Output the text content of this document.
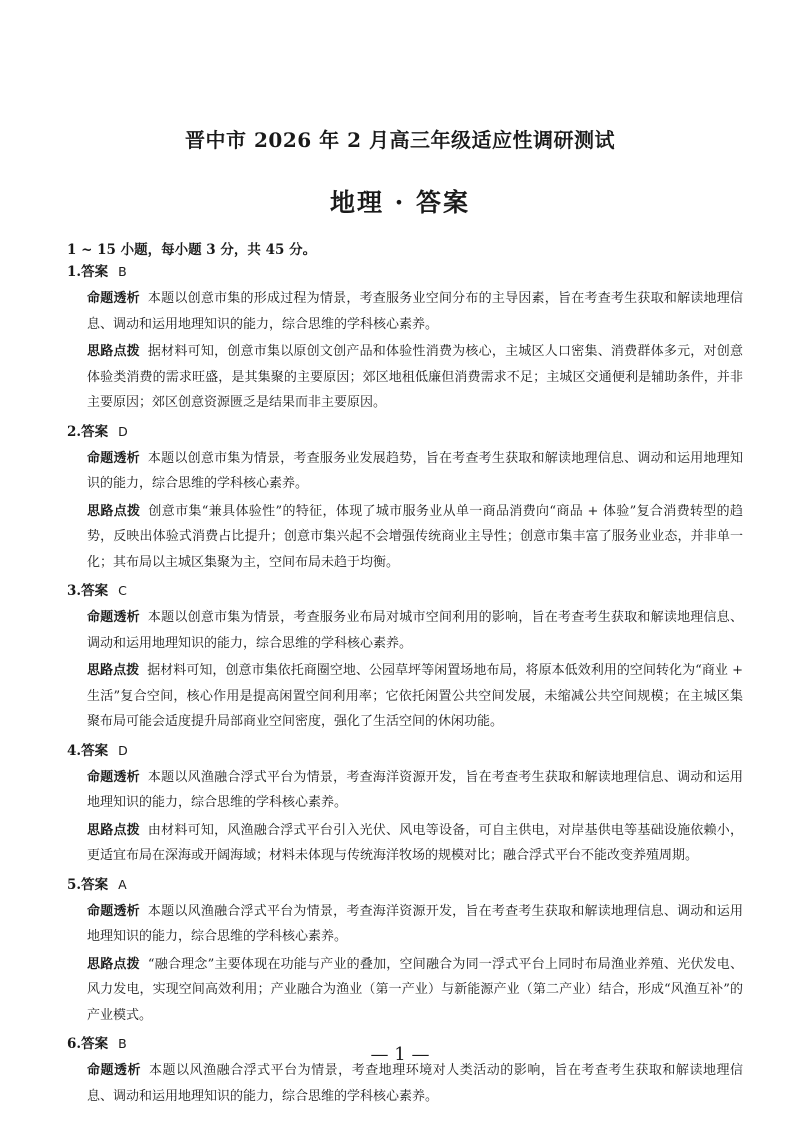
晋中市 2026 年 2 月高三年级适应性调研测试
地理 · 答案
1 ~ 15 小题，每小题 3 分，共 45 分。
1.答案 B
命题透析 本题以创意市集的形成过程为情景，考查服务业空间分布的主导因素，旨在考查考生获取和解读地理信息、调动和运用地理知识的能力，综合思维的学科核心素养。
思路点拨 据材料可知，创意市集以原创文创产品和体验性消费为核心，主城区人口密集、消费群体多元，对创意体验类消费的需求旺盛，是其集聚的主要原因；郊区地租低廉但消费需求不足；主城区交通便利是辅助条件，并非主要原因；郊区创意资源匮乏是结果而非主要原因。
2.答案 D
命题透析 本题以创意市集为情景，考查服务业发展趋势，旨在考查考生获取和解读地理信息、调动和运用地理知识的能力，综合思维的学科核心素养。
思路点拨 创意市集“兼具体验性”的特征，体现了城市服务业从单一商品消费向“商品 + 体验”复合消费转型的趋势，反映出体验式消费占比提升；创意市集兴起不会增强传统商业主导性；创意市集丰富了服务业业态，并非单一化；其布局以主城区集聚为主，空间布局未趋于均衡。
3.答案 C
命题透析 本题以创意市集为情景，考查服务业布局对城市空间利用的影响，旨在考查考生获取和解读地理信息、调动和运用地理知识的能力，综合思维的学科核心素养。
思路点拨 据材料可知，创意市集依托商圈空地、公园草坪等闲置场地布局，将原本低效利用的空间转化为“商业 + 生活”复合空间，核心作用是提高闲置空间利用率；它依托闲置公共空间发展，未缩减公共空间规模；在主城区集聚布局可能会适度提升局部商业空间密度，强化了生活空间的休闲功能。
4.答案 D
命题透析 本题以风渔融合浮式平台为情景，考查海洋资源开发，旨在考查考生获取和解读地理信息、调动和运用地理知识的能力，综合思维的学科核心素养。
思路点拨 由材料可知，风渔融合浮式平台引入光伏、风电等设备，可自主供电，对岸基供电等基础设施依赖小，更适宜布局在深海或开阔海域；材料未体现与传统海洋牧场的规模对比；融合浮式平台不能改变养殖周期。
5.答案 A
命题透析 本题以风渔融合浮式平台为情景，考查海洋资源开发，旨在考查考生获取和解读地理信息、调动和运用地理知识的能力，综合思维的学科核心素养。
思路点拨 “融合理念”主要体现在功能与产业的叠加，空间融合为同一浮式平台上同时布局渔业养殖、光伏发电、风力发电，实现空间高效利用；产业融合为渔业（第一产业）与新能源产业（第二产业）结合，形成“风渔互补”的产业模式。
6.答案 B
命题透析 本题以风渔融合浮式平台为情景，考查地理环境对人类活动的影响，旨在考查考生获取和解读地理信息、调动和运用地理知识的能力，综合思维的学科核心素养。
— 1 —
